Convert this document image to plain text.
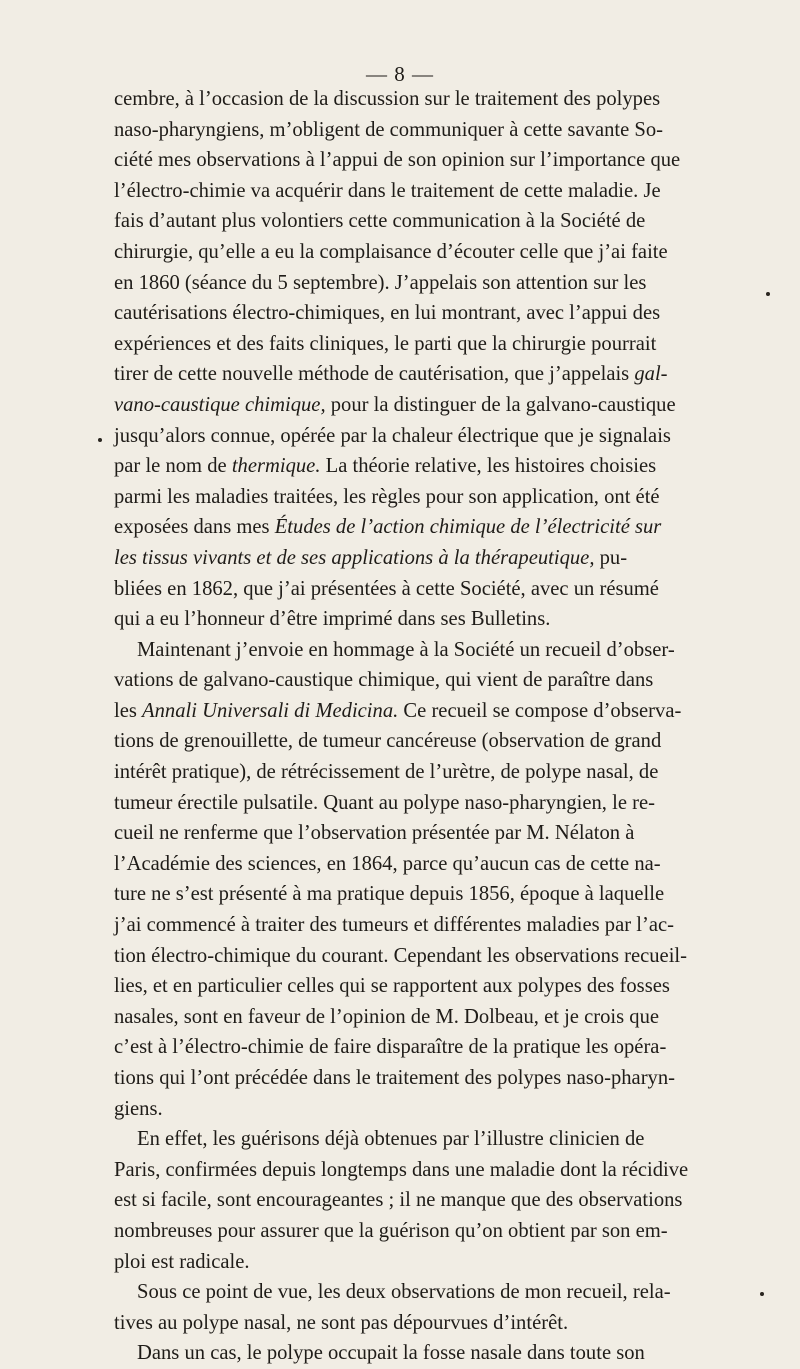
— 8 —
cembre, à l’occasion de la discussion sur le traitement des polypes
naso-pharyngiens, m’obligent de communiquer à cette savante So-
ciété mes observations à l’appui de son opinion sur l’importance que
l’électro-chimie va acquérir dans le traitement de cette maladie. Je
fais d’autant plus volontiers cette communication à la Société de
chirurgie, qu’elle a eu la complaisance d’écouter celle que j’ai faite
en 1860 (séance du 5 septembre). J’appelais son attention sur les
cautérisations électro-chimiques, en lui montrant, avec l’appui des
expériences et des faits cliniques, le parti que la chirurgie pourrait
tirer de cette nouvelle méthode de cautérisation, que j’appelais gal-
vano-caustique chimique, pour la distinguer de la galvano-caustique
jusqu’alors connue, opérée par la chaleur électrique que je signalais
par le nom de thermique. La théorie relative, les histoires choisies
parmi les maladies traitées, les règles pour son application, ont été
exposées dans mes Études de l’action chimique de l’électricité sur
les tissus vivants et de ses applications à la thérapeutique, pu-
bliées en 1862, que j’ai présentées à cette Société, avec un résumé
qui a eu l’honneur d’être imprimé dans ses Bulletins.
Maintenant j’envoie en hommage à la Société un recueil d’obser-
vations de galvano-caustique chimique, qui vient de paraître dans
les Annali Universali di Medicina. Ce recueil se compose d’observa-
tions de grenouillette, de tumeur cancéreuse (observation de grand
intérêt pratique), de rétrécissement de l’urètre, de polype nasal, de
tumeur érectile pulsatile. Quant au polype naso-pharyngien, le re-
cueil ne renferme que l’observation présentée par M. Nélaton à
l’Académie des sciences, en 1864, parce qu’aucun cas de cette na-
ture ne s’est présenté à ma pratique depuis 1856, époque à laquelle
j’ai commencé à traiter des tumeurs et différentes maladies par l’ac-
tion électro-chimique du courant. Cependant les observations recueil-
lies, et en particulier celles qui se rapportent aux polypes des fosses
nasales, sont en faveur de l’opinion de M. Dolbeau, et je crois que
c’est à l’électro-chimie de faire disparaître de la pratique les opéra-
tions qui l’ont précédée dans le traitement des polypes naso-pharyn-
giens.
En effet, les guérisons déjà obtenues par l’illustre clinicien de
Paris, confirmées depuis longtemps dans une maladie dont la récidive
est si facile, sont encourageantes ; il ne manque que des observations
nombreuses pour assurer que la guérison qu’on obtient par son em-
ploi est radicale.
Sous ce point de vue, les deux observations de mon recueil, rela-
tives au polype nasal, ne sont pas dépourvues d’intérêt.
Dans un cas, le polype occupait la fosse nasale dans toute son
